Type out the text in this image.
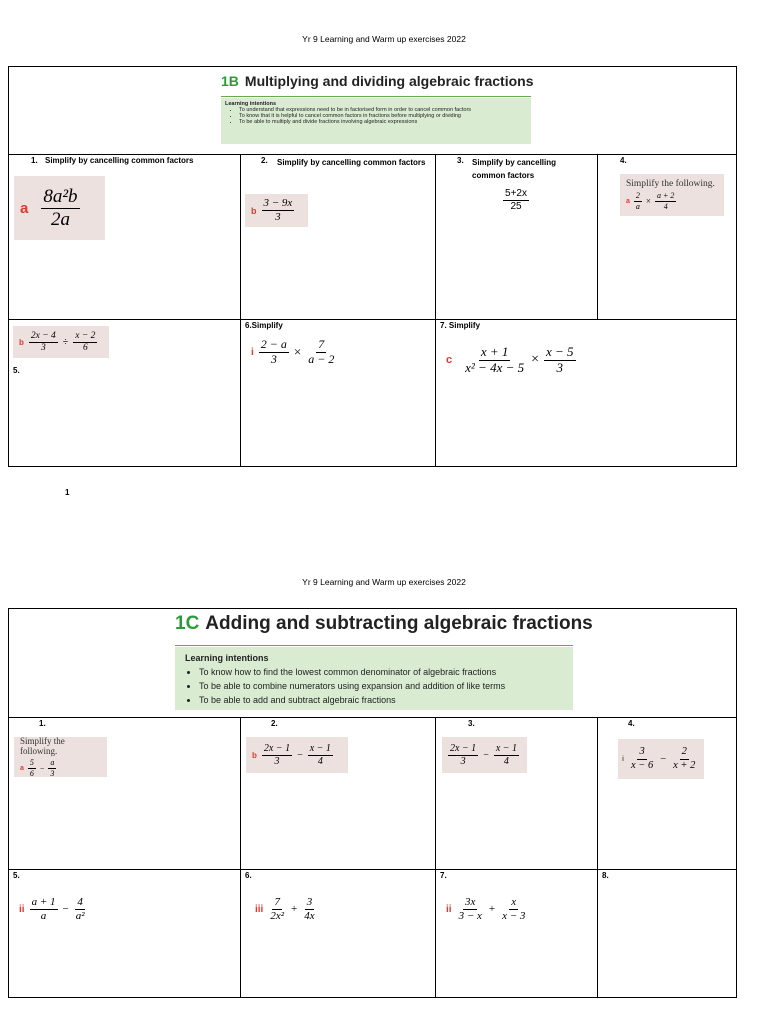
Yr 9 Learning and Warm up exercises 2022
1B Multiplying and dividing algebraic fractions
Learning intentions
• To understand that expressions need to be in factorised form in order to cancel common factors
• To know that it is helpful to cancel common factors in fractions before multiplying or dividing
• To be able to multiply and divide fractions involving algebraic expressions
1. Simplify by cancelling common factors
a $\frac{\text{8a²b}}{2a}$
2. Simplify by cancelling common factors
b $\frac{3 - 9x}{3}$
3. Simplify by cancelling common factors
$\frac{5+2x}{25}$
4.
Simplify the following.
a $\frac{2}{a} \times \frac{a + 2}{4}$
b $\frac{2x - 4}{3} \div \frac{x - 2}{6}$
5.
6.Simplify
i $\frac{2 - a}{3} \times \frac{7}{a - 2}$
7. Simplify
c $\frac{x + 1}{\text{x² − 4x − 5}} \times \frac{x - 5}{3}$
1
Yr 9 Learning and Warm up exercises 2022
1C Adding and subtracting algebraic fractions
Learning intentions
• To know how to find the lowest common denominator of algebraic fractions
• To be able to combine numerators using expansion and addition of like terms
• To be able to add and subtract algebraic fractions
1.
Simplify the following.
a $\frac{5}{6} - \frac{a}{3}$
2.
b $\frac{2x - 1}{3} - \frac{x - 1}{4}$
3.
$\frac{2x - 1}{3} - \frac{x - 1}{4}$
4.
i $\frac{3}{x - 6} - \frac{2}{x + 2}$
5.
ii $\frac{a + 1}{a} - \frac{4}{\text{a²}}$
6.
iii $\frac{7}{\text{2x²}} + \frac{3}{4x}$
7.
ii $\frac{3x}{3 - x} + \frac{x}{x - 3}$
8.
